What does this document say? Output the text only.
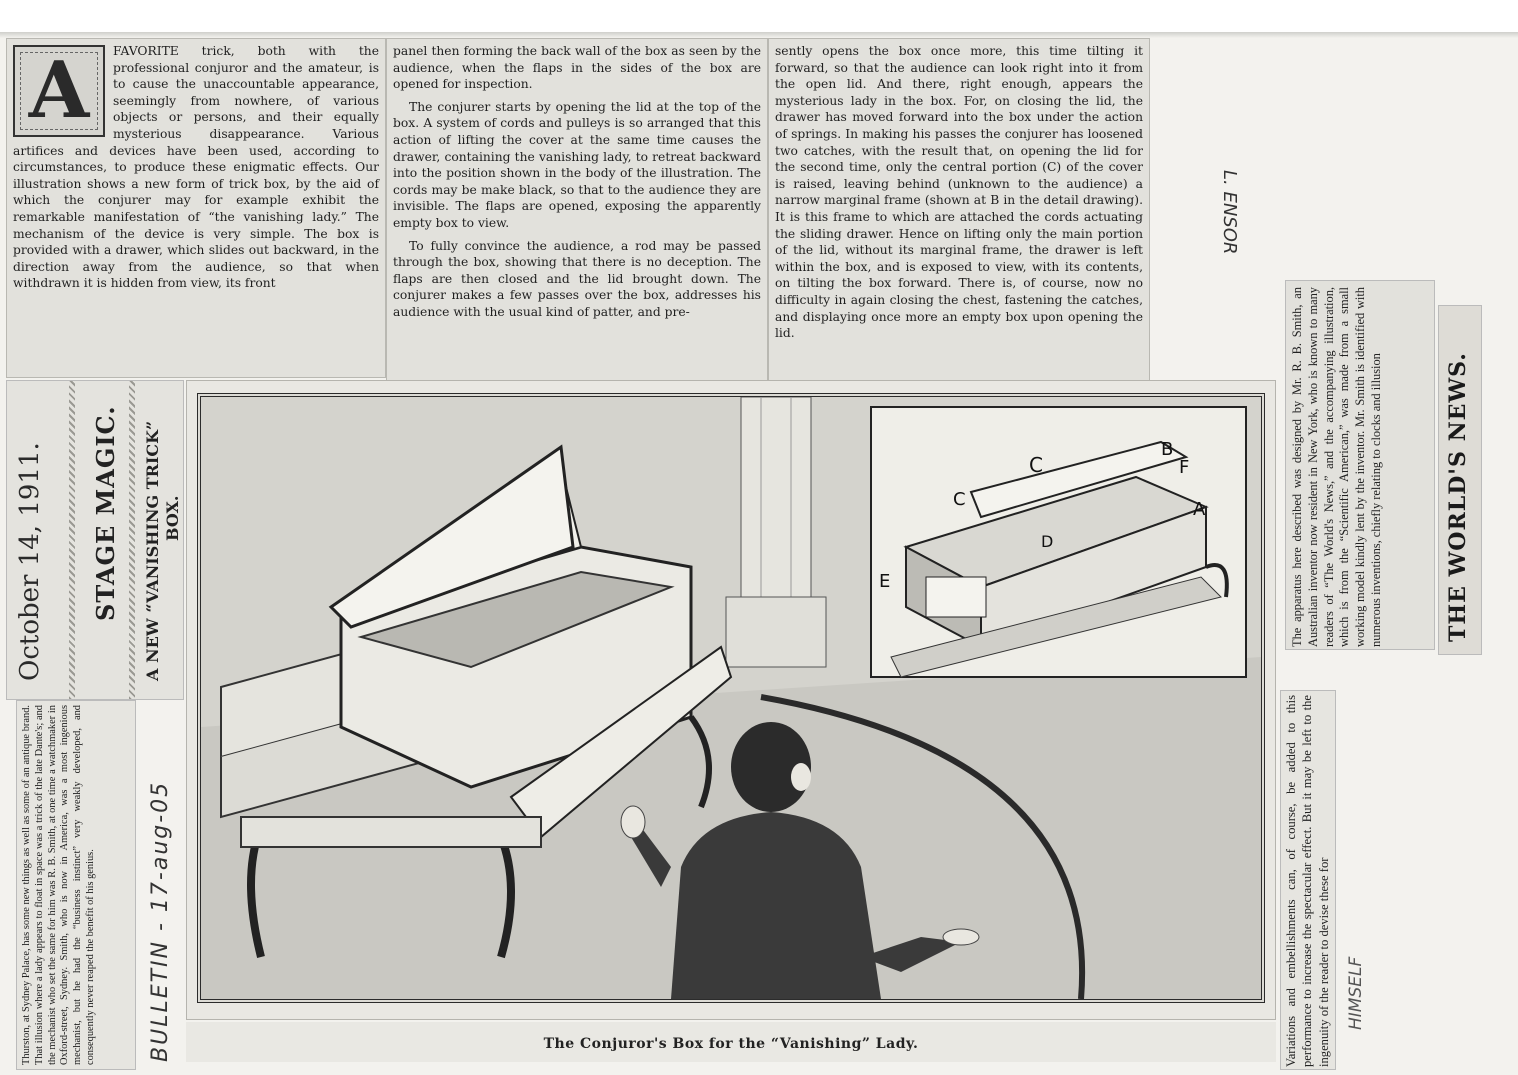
A	FAVORITE trick, both with the professional conjuror and the amateur, is to cause the unaccountable appearance, seemingly from nowhere, of various objects or persons, and their equally mysterious disappearance. Various artifices and devices have been used, according to circumstances, to produce these enigmatic effects. Our illustration shows a new form of trick box, by the aid of which the conjurer may for example exhibit the remarkable manifestation of “the vanishing lady.” The mechanism of the device is very simple. The box is provided with a drawer, which slides out backward, in the direction away from the audience, so that when withdrawn it is hidden from view, its front

panel then forming the back wall of the box as seen by the audience, when the flaps in the sides of the box are opened for inspection.

The conjurer starts by opening the lid at the top of the box. A system of cords and pulleys is so arranged that this action of lifting the cover at the same time causes the drawer, containing the vanishing lady, to retreat backward into the position shown in the body of the illustration. The cords may be make black, so that to the audience they are invisible. The flaps are opened, exposing the apparently empty box to view.

To fully convince the audience, a rod may be passed through the box, showing that there is no deception. The flaps are then closed and the lid brought down. The conjurer makes a few passes over the box, addresses his audience with the usual kind of patter, and pre-

sently opens the box once more, this time tilting it forward, so that the audience can look right into it from the open lid. And there, right enough, appears the mysterious lady in the box. For, on closing the lid, the drawer has moved forward into the box under the action of springs. In making his passes the conjurer has loosened two catches, with the result that, on opening the lid for the second time, only the central portion (C) of the cover is raised, leaving behind (unknown to the audience) a narrow marginal frame (shown at B in the detail drawing). It is this frame to which are attached the cords actuating the sliding drawer. Hence on lifting only the main portion of the lid, without its marginal frame, the drawer is left within the box, and is exposed to view, with its contents, on tilting the box forward. There is, of course, now no difficulty in again closing the chest, fastening the catches, and displaying once more an empty box upon opening the lid.

L. ENSOR
October 14, 1911. STAGE MAGIC. A NEW “VANISHING TRICK” BOX.
Thurston, at Sydney Palace, has some new things as well as some of an antique brand. That illusion where a lady appears to float in space was a trick of the late Dante's; and the mechanist who set the same for him was R. B. Smith, at one time a watchmaker in Oxford-street, Sydney. Smith, who is now in America, was a most ingenious mechanist, but he had the “business instinct” very weakly developed, and consequently never reaped the benefit of his genius. BULLETIN - 17-aug-05
C
B
F
A
D
E
C
The Conjuror's Box for the “Vanishing” Lady.
The apparatus here described was designed by Mr. R. B. Smith, an Australian inventor now resident in New York, who is known to many readers of “The World's News,” and the accompanying illustration, which is from the “Scientific American,” was made from a small working model kindly lent by the inventor. Mr. Smith is identified with numerous inventions, chiefly relating to clocks and illusion	THE WORLD'S NEWS.
Variations and embellishments can, of course, be added to this performance to increase the spectacular effect. But it may be left to the ingenuity of the reader to devise these for HIMSELF
